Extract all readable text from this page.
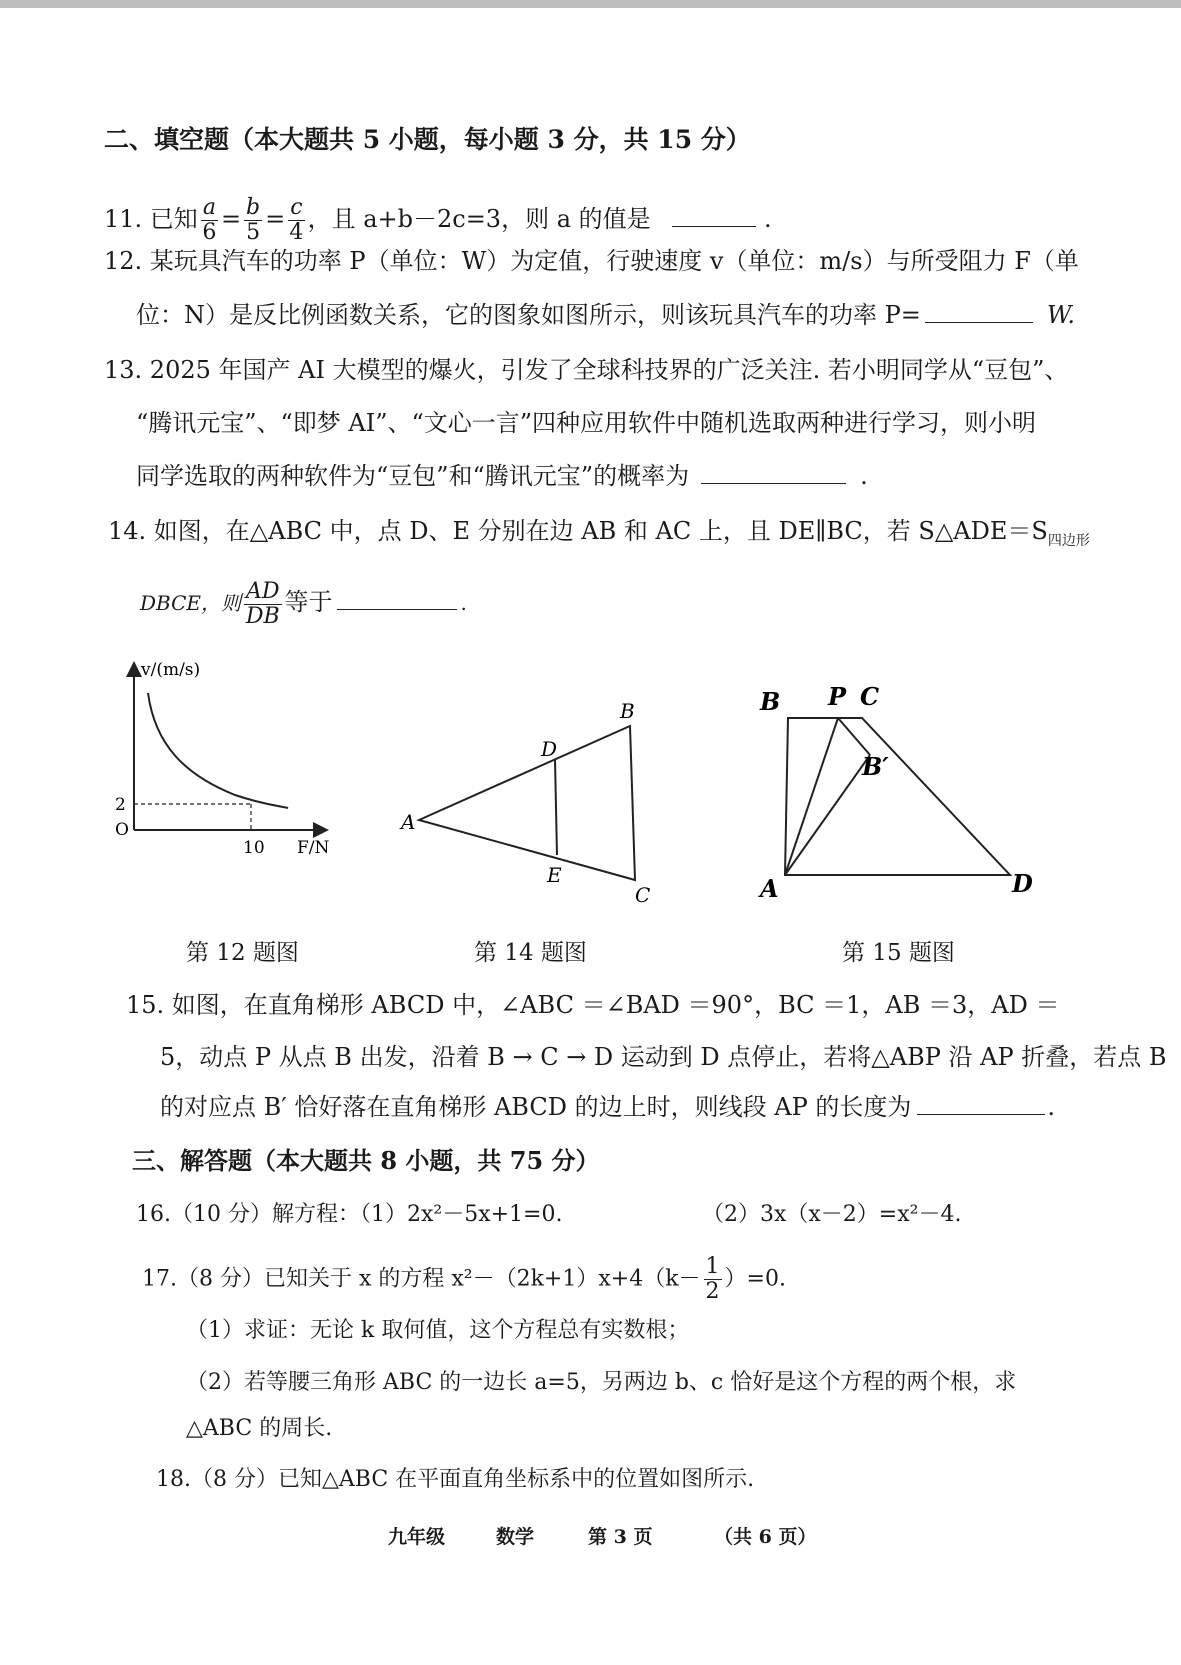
二、填空题（本大题共 5 小题，每小题 3 分，共 15 分）
11. 已知 $\frac{a}{6} = \frac{b}{5} = \frac{c}{4}$ ，且 a+b－2c=3，则 a 的值是	.
12. 某玩具汽车的功率 P（单位：W）为定值，行驶速度 v（单位：m/s）与所受阻力 F（单
位：N）是反比例函数关系，它的图象如图所示，则该玩具汽车的功率 P=	W.
13. 2025 年国产 AI 大模型的爆火，引发了全球科技界的广泛关注. 若小明同学从“豆包”、
“腾讯元宝”、“即梦 AI”、“文心一言”四种应用软件中随机选取两种进行学习，则小明
同学选取的两种软件为“豆包”和“腾讯元宝”的概率为	.
14. 如图，在△ABC 中，点 D、E 分别在边 AB 和 AC 上，且 DE∥BC，若 $S\triangle ADE=S_{四边形}$
DBCE，则 $\frac{AD}{DB}$ 等于	.
v/(m/s)
F/N
O
2
10
第 12 题图
A
B
C
D
E
第 14 题图
B P C
B′
A	D
第 15 题图
15. 如图，在直角梯形 ABCD 中，∠ABC ＝∠BAD ＝90°，BC ＝1，AB ＝3，AD ＝
5，动点 P 从点 B 出发，沿着 B → C → D 运动到 D 点停止，若将△ABP 沿 AP 折叠，若点 B
的对应点 B′ 恰好落在直角梯形 ABCD 的边上时，则线段 AP 的长度为	.
三、解答题（本大题共 8 小题，共 75 分）
16.（10 分）解方程：（1）2x²－5x+1=0.	（2）3x（x－2）=x²－4.
17.（8 分）已知关于 x 的方程 $x^2-(2k+1)x+4(k- \frac{1}{2} )=0$.
（1）求证：无论 k 取何值，这个方程总有实数根；
（2）若等腰三角形 ABC 的一边长 a=5，另两边 b、c 恰好是这个方程的两个根，求
△ABC 的周长.
18.（8 分）已知△ABC 在平面直角坐标系中的位置如图所示.
九年级	数学	第 3 页	（共 6 页）
